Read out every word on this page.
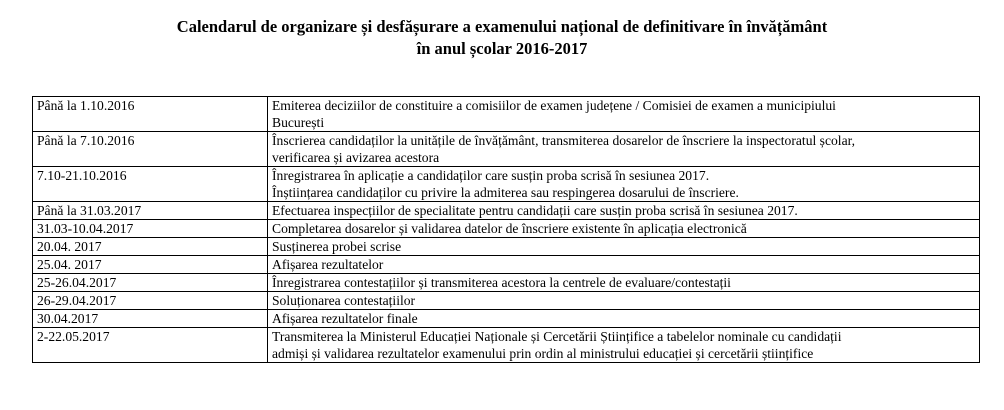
Calendarul de organizare și desfășurare a examenului național de definitivare în învățământ
în anul școlar 2016-2017
Până la 1.10.2016	Emiterea deciziilor de constituire a comisiilor de examen județene / Comisiei de examen a municipiului
București

Până la 7.10.2016	Înscrierea candidaților la unitățile de învățământ, transmiterea dosarelor de înscriere la inspectoratul școlar,
verificarea și avizarea acestora

7.10-21.10.2016	Înregistrarea în aplicație a candidaților care susțin proba scrisă în sesiunea 2017.
Înștiințarea candidaților cu privire la admiterea sau respingerea dosarului de înscriere.

Până la 31.03.2017	Efectuarea inspecțiilor de specialitate pentru candidații care susțin proba scrisă în sesiunea 2017.

31.03-10.04.2017	Completarea dosarelor și validarea datelor de înscriere existente în aplicația electronică

20.04. 2017	Susținerea probei scrise

25.04. 2017	Afișarea rezultatelor

25-26.04.2017	Înregistrarea contestațiilor și transmiterea acestora la centrele de evaluare/contestații

26-29.04.2017	Soluționarea contestațiilor

30.04.2017	Afișarea rezultatelor finale

2-22.05.2017	Transmiterea la Ministerul Educației Naționale și Cercetării Științifice a tabelelor nominale cu candidații
admiși și validarea rezultatelor examenului prin ordin al ministrului educației și cercetării științifice
